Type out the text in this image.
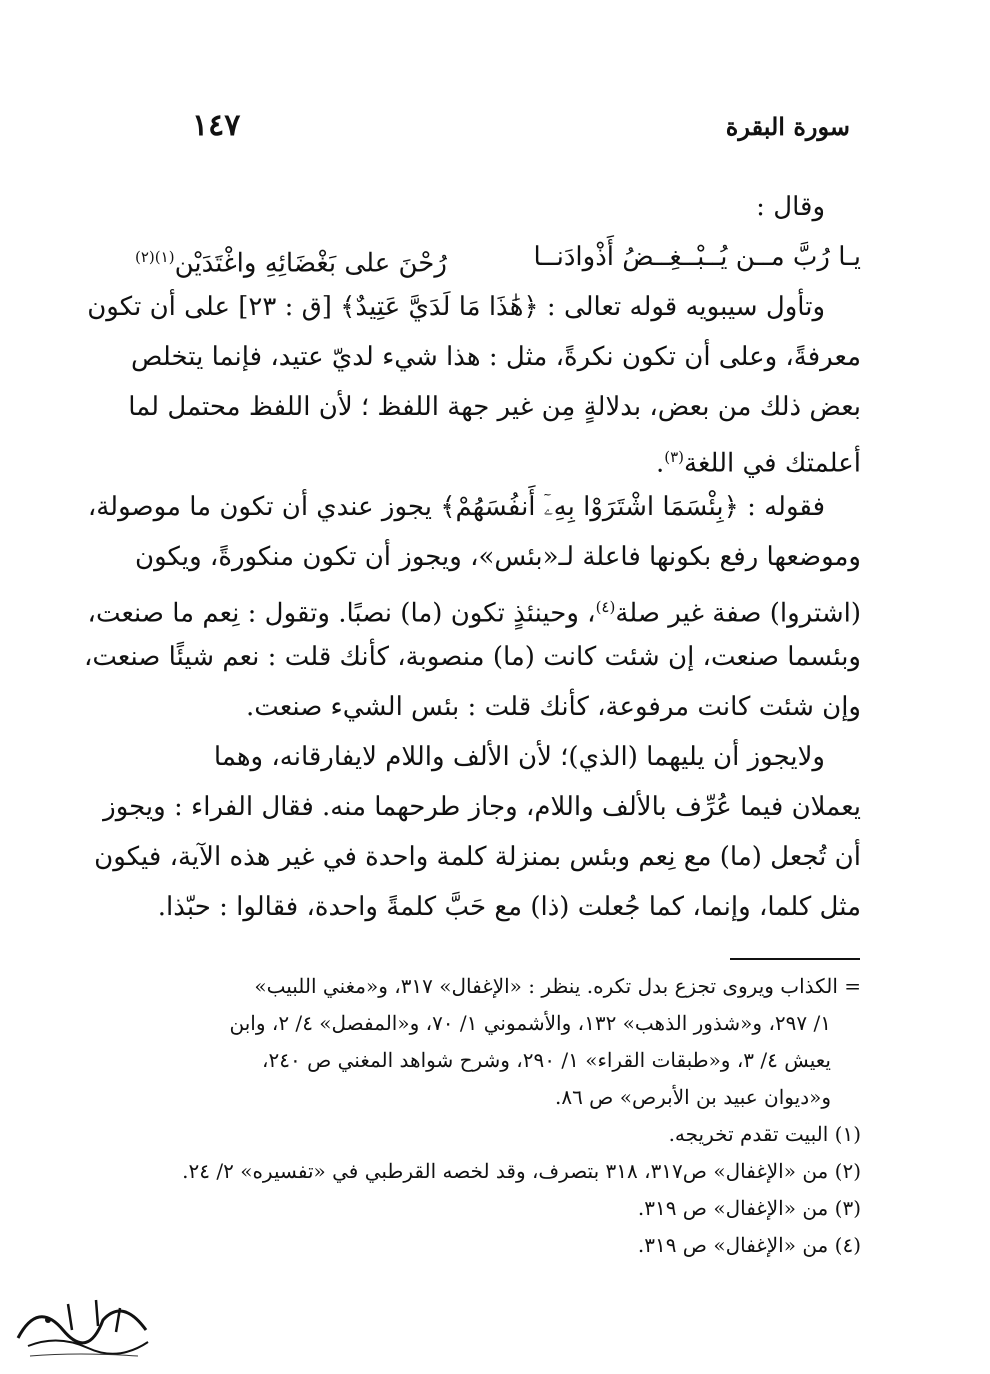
سورة البقرة
١٤٧
وقال :
يـا رُبَّ مــن يُــبْــغِــضُ أَذْوادَنــا
رُحْنَ على بَغْضَائِهِ واغْتَدَيْن$^{(١)(٢)}$
وتأول سيبويه قوله تعالى : ﴿هَٰذَا مَا لَدَيَّ عَتِيدٌ﴾ [ق : ٢٣] على أن تكون
معرفةً، وعلى أن تكون نكرةً، مثل : هذا شيء لديّ عتيد، فإنما يتخلص
بعض ذلك من بعض، بدلالةٍ مِن غير جهة اللفظ ؛ لأن اللفظ محتمل لما
أعلمتك في اللغة$^{(٣)}$.
فقوله : ﴿بِئْسَمَا اشْتَرَوْا بِهِۦٓ أَنفُسَهُمْ﴾ يجوز عندي أن تكون ما موصولة،
وموضعها رفع بكونها فاعلة لـ«بئس»، ويجوز أن تكون منكورةً، ويكون
(اشتروا) صفة غير صلة$^{(٤)}$، وحينئذٍ تكون (ما) نصبًا. وتقول : نِعم ما صنعت،
وبئسما صنعت، إن شئت كانت (ما) منصوبة، كأنك قلت : نعم شيئًا صنعت،
وإن شئت كانت مرفوعة، كأنك قلت : بئس الشيء صنعت.
ولايجوز أن يليهما (الذي)؛ لأن الألف واللام لايفارقانه، وهما
يعملان فيما عُرِّف بالألف واللام، وجاز طرحهما منه. فقال الفراء : ويجوز
أن تُجعل (ما) مع نِعم وبئس بمنزلة كلمة واحدة في غير هذه الآية، فيكون
مثل كلما، وإنما، كما جُعلت (ذا) مع حَبَّ كلمةً واحدة، فقالوا : حبّذا.
= الكذاب ويروى تجزع بدل تكره. ينظر : «الإغفال» ٣١٧، و«مغني اللبيب»
١/ ٢٩٧، و«شذور الذهب» ١٣٢، والأشموني ١/ ٧٠، و«المفصل» ٤/ ٢، وابن
يعيش ٤/ ٣، و«طبقات القراء» ١/ ٢٩٠، وشرح شواهد المغني ص ٢٤٠،
و«ديوان عبيد بن الأبرص» ص ٨٦.
(١) البيت تقدم تخريجه.
(٢) من «الإغفال» ص٣١٧، ٣١٨ بتصرف، وقد لخصه القرطبي في «تفسيره» ٢/ ٢٤.
(٣) من «الإغفال» ص ٣١٩.
(٤) من «الإغفال» ص ٣١٩.
